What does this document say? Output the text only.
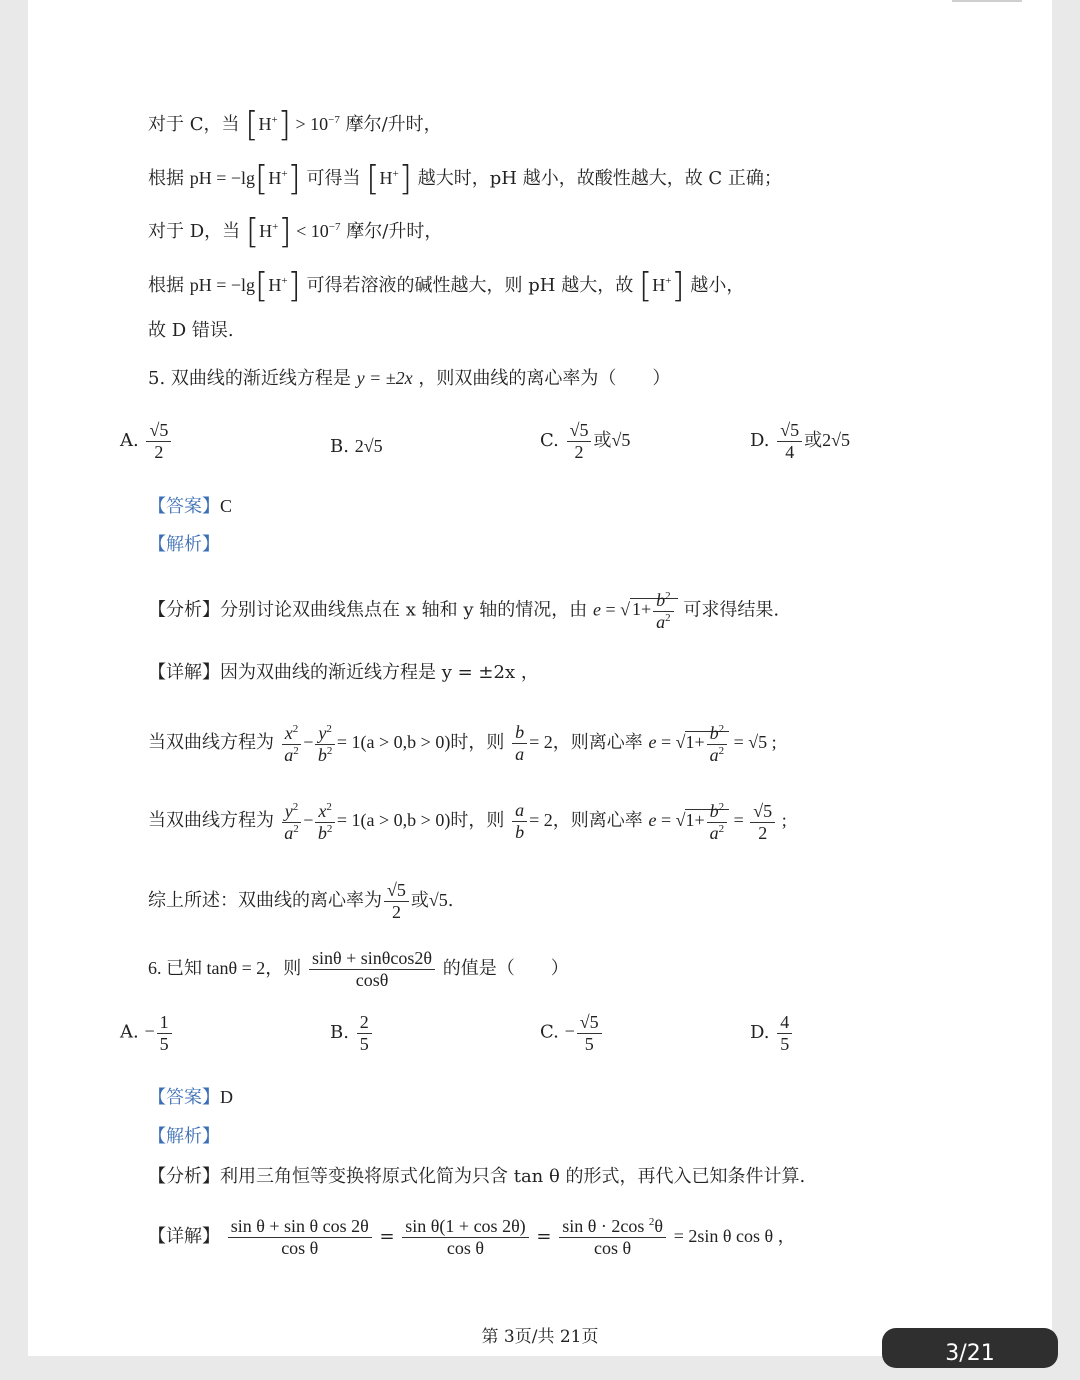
对于 C，当 $[H^+] > 10^{-7}$ 摩尔/升时，
根据 pH = −lg[H+] 可得当 [H+] 越大时，pH 越小，故酸性越大，故 C 正确；
对于 D，当 $[H^+] < 10^{-7}$ 摩尔/升时，
根据 pH = −lg[H+] 可得若溶液的碱性越大，则 pH 越大，故 [H+] 越小，
故 D 错误.
5. 双曲线的渐近线方程是 y = ±2x ，则双曲线的离心率为（　　）
A. $\frac{√5}{2}$	B. 2√5	C. $\frac{√5}{2}$ 或√5	D. $\frac{√5}{4}$ 或2√5
【答案】C
【解析】
【分析】分别讨论双曲线焦点在 x 轴和 y 轴的情况，由 e = √ $1+ \frac{b^2}{a^2}$ 可求得结果.
【详解】因为双曲线的渐近线方程是 y = ±2x ，
当双曲线方程为 $\frac{x^2}{a^2} - \frac{y^2}{b^2} = 1(a > 0,b > 0)$时，则 $\frac{b}{a} = 2$，则离心率 $e = √1+ \frac{b^2}{a^2} = √5$ ;
当双曲线方程为 $\frac{y^2}{a^2} - \frac{x^2}{b^2} = 1(a > 0,b > 0)$时，则 $\frac{a}{b} = 2$，则离心率 $e = √1+ \frac{b^2}{a^2} = \frac{√5}{2}$ ;
综上所述：双曲线的离心率为 $\frac{√5}{2}$ 或√5.
6. 已知 tanθ = 2，则 $\frac{\sin\theta + \sin\theta\cos 2\theta}{\cos\theta}$ 的值是（　　）
A. − $\frac{1}{5}$	B. $\frac{2}{5}$	C. − $\frac{√5}{5}$	D. $\frac{4}{5}$
【答案】D
【解析】
【分析】利用三角恒等变换将原式化简为只含 tan θ 的形式，再代入已知条件计算.
【详解】 $\frac{\text{sin θ + sin θ cos 2θ}}{\text{cos θ}} = \frac{\text{sin θ(1 + cos 2θ)}}{\text{cos θ}} = \frac{\sin \theta \cdot 2\cos ^2\theta}{\text{cos θ}} = 2\sin$ θ cos θ ，
第 3页/共 21页
3/21
